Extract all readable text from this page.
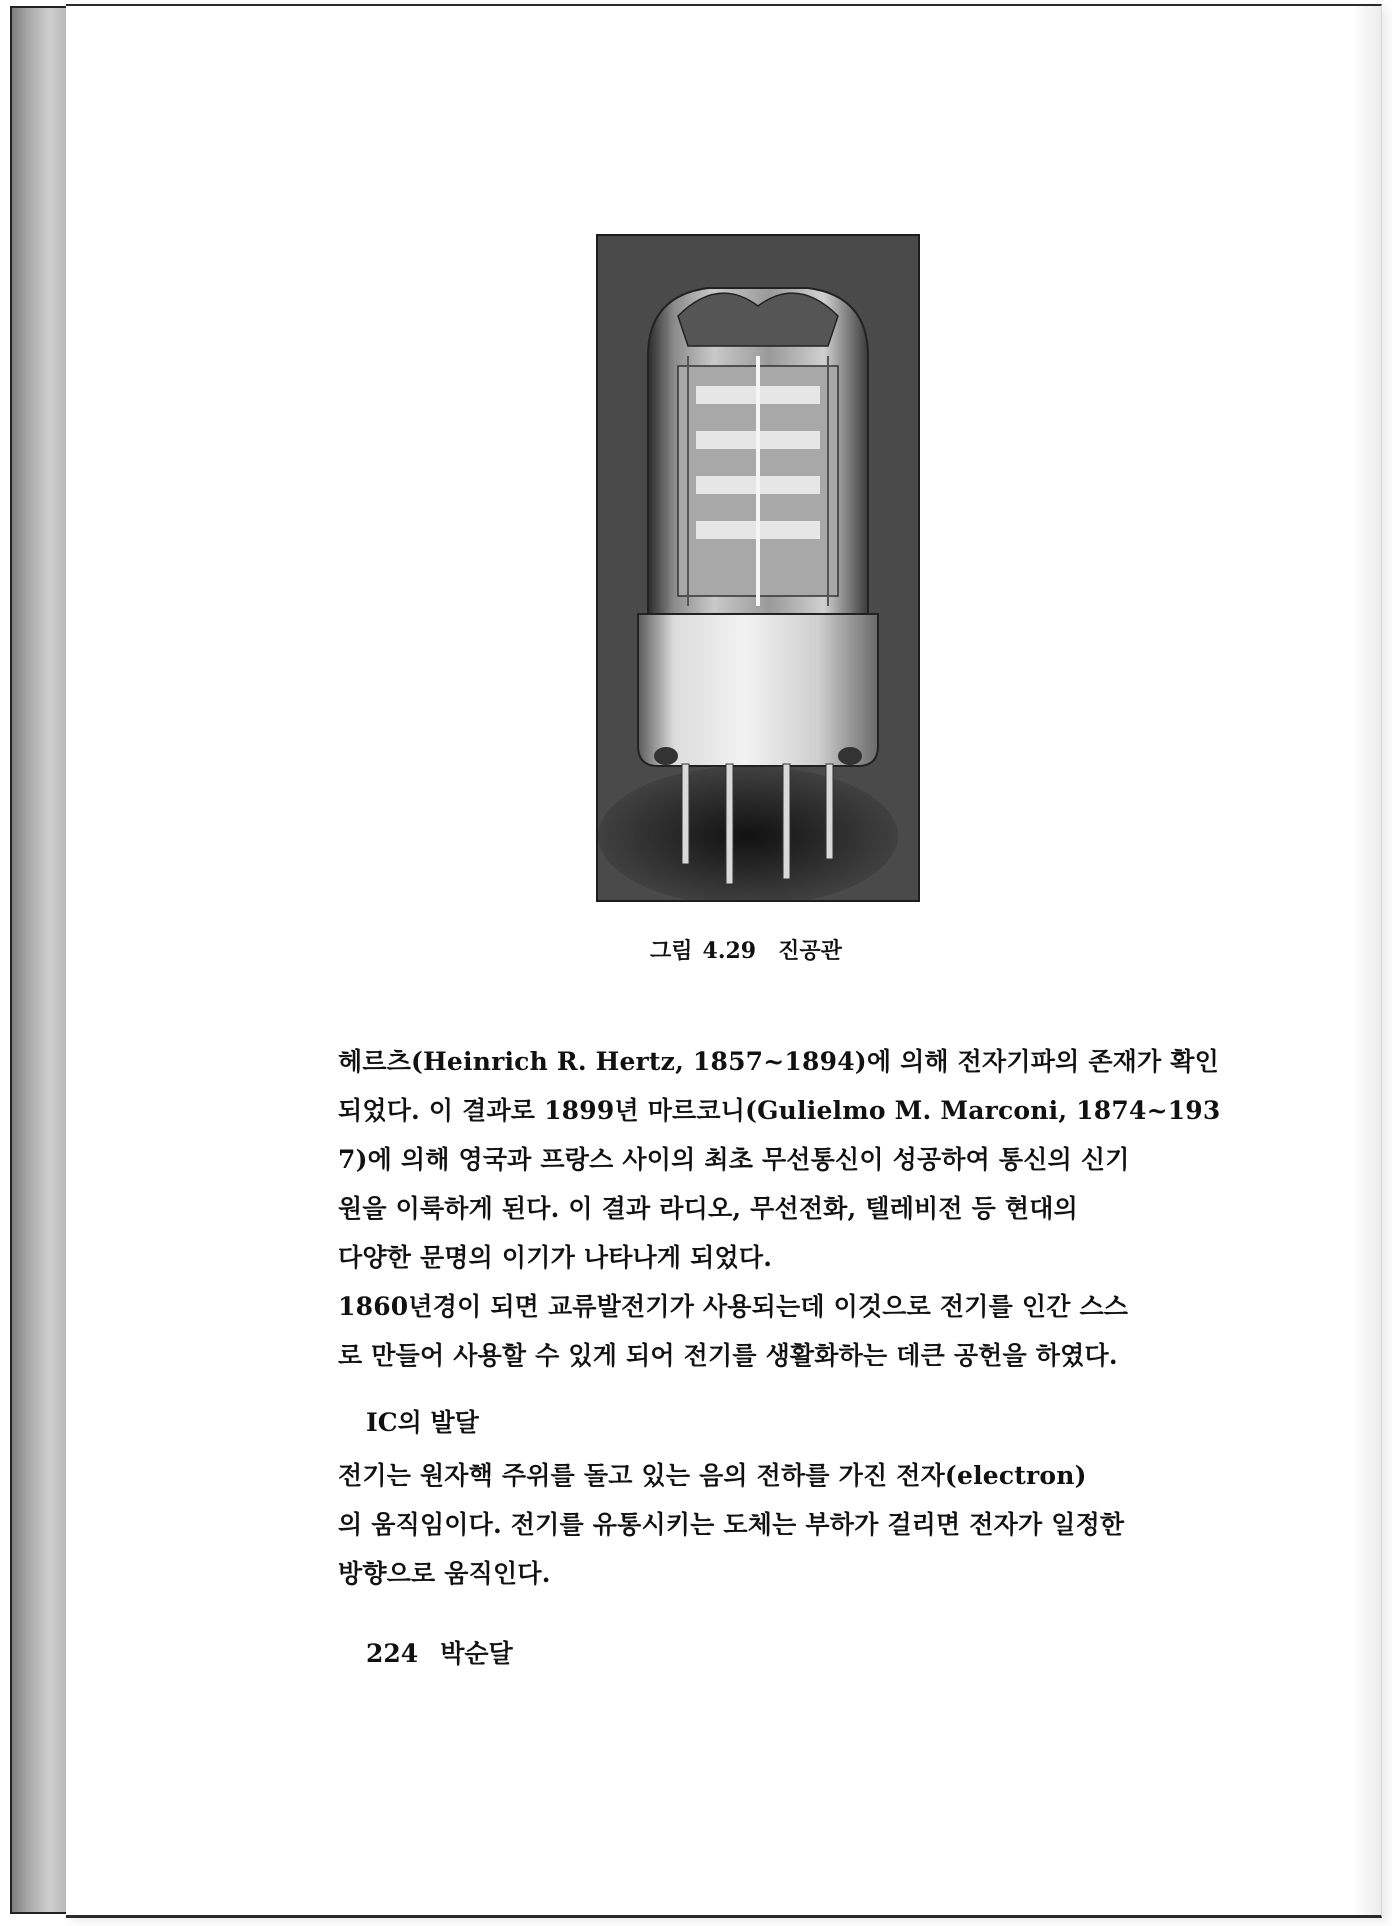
그림 4.29 진공관
헤르츠(Heinrich R. Hertz, 1857~1894)에 의해 전자기파의 존재가 확인
되었다. 이 결과로 1899년 마르코니(Gulielmo M. Marconi, 1874~193
7)에 의해 영국과 프랑스 사이의 최초 무선통신이 성공하여 통신의 신기
원을 이룩하게 된다. 이 결과 라디오, 무선전화, 텔레비전 등 현대의
다양한 문명의 이기가 나타나게 되었다.
1860년경이 되면 교류발전기가 사용되는데 이것으로 전기를 인간 스스
로 만들어 사용할 수 있게 되어 전기를 생활화하는 데큰 공헌을 하였다.
IC의 발달
전기는 원자핵 주위를 돌고 있는 음의 전하를 가진 전자(electron)
의 움직임이다. 전기를 유통시키는 도체는 부하가 걸리면 전자가 일정한
방향으로 움직인다.
224 박순달
